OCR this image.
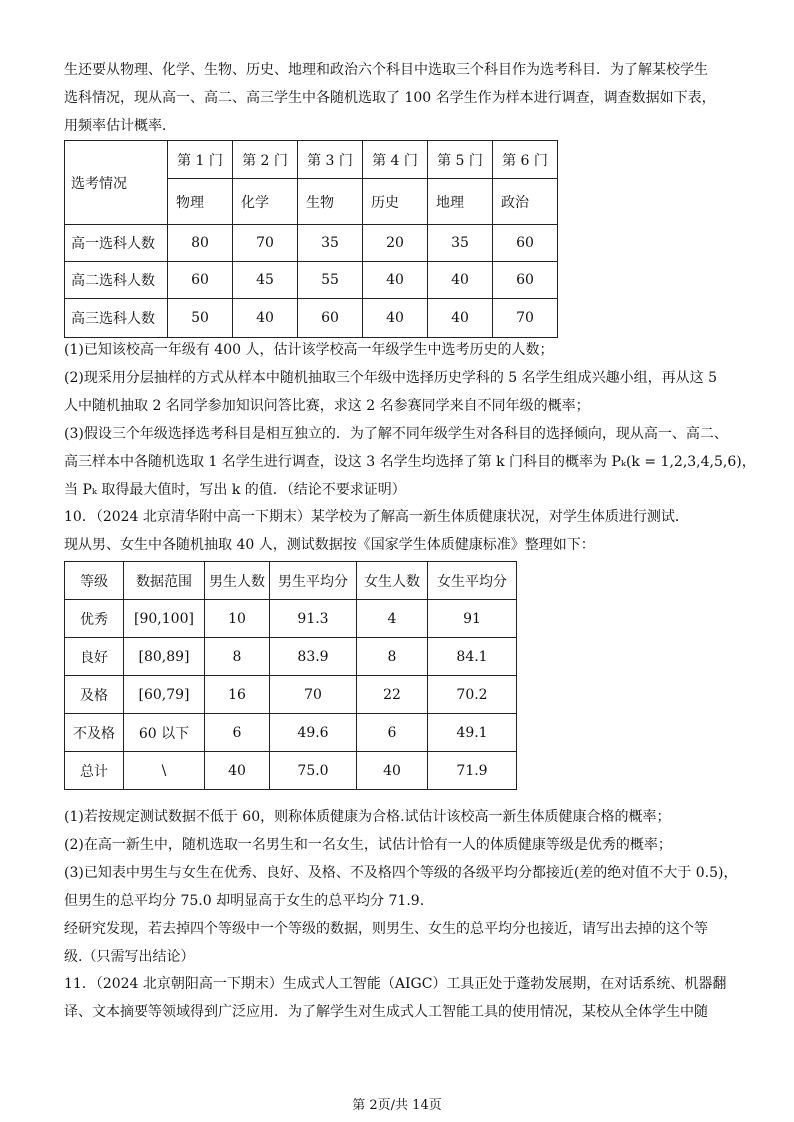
生还要从物理、化学、生物、历史、地理和政治六个科目中选取三个科目作为选考科目．为了解某校学生
选科情况，现从高一、高二、高三学生中各随机选取了 100 名学生作为样本进行调查，调查数据如下表，
用频率估计概率．
选考情况	第 1 门	第 2 门	第 3 门	第 4 门	第 5 门	第 6 门
	物理	化学	生物	历史	地理	政治
高一选科人数	80	70	35	20	35	60
高二选科人数	60	45	55	40	40	60
高三选科人数	50	40	60	40	40	70
(1)已知该校高一年级有 400 人，估计该学校高一年级学生中选考历史的人数；
(2)现采用分层抽样的方式从样本中随机抽取三个年级中选择历史学科的 5 名学生组成兴趣小组，再从这 5
人中随机抽取 2 名同学参加知识问答比赛，求这 2 名参赛同学来自不同年级的概率；
(3)假设三个年级选择选考科目是相互独立的．为了解不同年级学生对各科目的选择倾向，现从高一、高二、
高三样本中各随机选取 1 名学生进行调查，设这 3 名学生均选择了第 k 门科目的概率为 Pₖ(k = 1,2,3,4,5,6)，
当 Pₖ 取得最大值时，写出 k 的值．（结论不要求证明）
10．（2024 北京清华附中高一下期末）某学校为了解高一新生体质健康状况，对学生体质进行测试．
现从男、女生中各随机抽取 40 人，测试数据按《国家学生体质健康标准》整理如下：
等级	数据范围	男生人数	男生平均分	女生人数	女生平均分
优秀	[90,100]	10	91.3	4	91
良好	[80,89]	8	83.9	8	84.1
及格	[60,79]	16	70	22	70.2
不及格	60 以下	6	49.6	6	49.1
总计	\	40	75.0	40	71.9
(1)若按规定测试数据不低于 60，则称体质健康为合格.试估计该校高一新生体质健康合格的概率；
(2)在高一新生中，随机选取一名男生和一名女生，试估计恰有一人的体质健康等级是优秀的概率；
(3)已知表中男生与女生在优秀、良好、及格、不及格四个等级的各级平均分都接近(差的绝对值不大于 0.5)，
但男生的总平均分 75.0 却明显高于女生的总平均分 71.9.
经研究发现，若去掉四个等级中一个等级的数据，则男生、女生的总平均分也接近，请写出去掉的这个等
级.（只需写出结论）
11．（2024 北京朝阳高一下期末）生成式人工智能（AIGC）工具正处于蓬勃发展期，在对话系统、机器翻
译、文本摘要等领域得到广泛应用．为了解学生对生成式人工智能工具的使用情况，某校从全体学生中随
第 2页/共 14页
